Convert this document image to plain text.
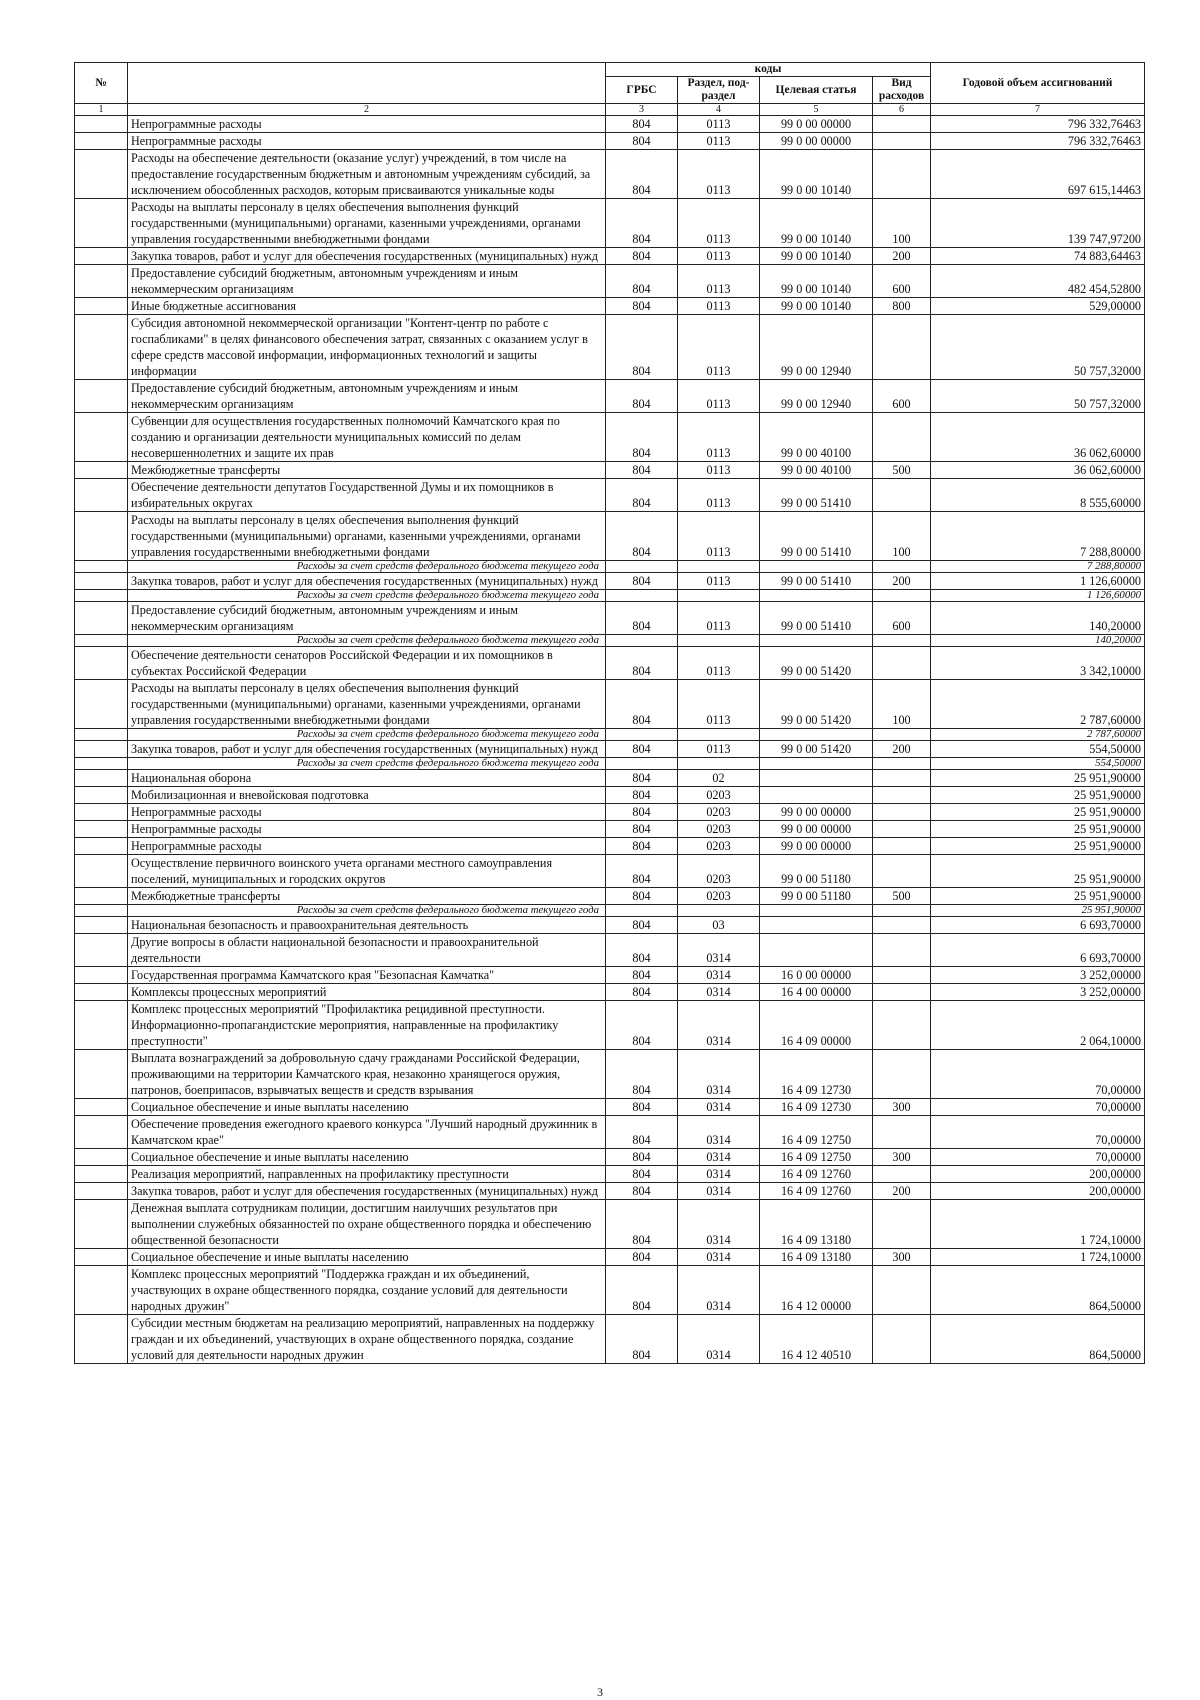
№		коды				Годовой объем ассигнований
		ГРБС	Раздел, под-раздел	Целевая статья	Вид расходов	
1	2	3	4	5	6	7
	Непрограммные расходы	804	0113	99 0 00 00000		796 332,76463
	Непрограммные расходы	804	0113	99 0 00 00000		796 332,76463
	Расходы на обеспечение деятельности (оказание услуг) учреждений, в том числе на предоставление государственным бюджетным и автономным учреждениям субсидий, за исключением обособленных расходов, которым присваиваются уникальные коды	804	0113	99 0 00 10140		697 615,14463
	Расходы на выплаты персоналу в целях обеспечения выполнения функций государственными (муниципальными) органами, казенными учреждениями, органами управления государственными внебюджетными фондами	804	0113	99 0 00 10140	100	139 747,97200
	Закупка товаров, работ и услуг для обеспечения государственных (муниципальных) нужд	804	0113	99 0 00 10140	200	74 883,64463
	Предоставление субсидий бюджетным, автономным учреждениям и иным некоммерческим организациям	804	0113	99 0 00 10140	600	482 454,52800
	Иные бюджетные ассигнования	804	0113	99 0 00 10140	800	529,00000
	Субсидия автономной некоммерческой организации "Контент-центр по работе с госпабликами" в целях финансового обеспечения затрат, связанных с оказанием услуг в сфере средств массовой информации, информационных технологий и защиты информации	804	0113	99 0 00 12940		50 757,32000
	Предоставление субсидий бюджетным, автономным учреждениям и иным некоммерческим организациям	804	0113	99 0 00 12940	600	50 757,32000
	Субвенции для осуществления государственных полномочий Камчатского края по созданию и организации деятельности муниципальных комиссий по делам несовершеннолетних и защите их прав	804	0113	99 0 00 40100		36 062,60000
	Межбюджетные трансферты	804	0113	99 0 00 40100	500	36 062,60000
	Обеспечение деятельности депутатов Государственной Думы и их помощников в избирательных округах	804	0113	99 0 00 51410		8 555,60000
	Расходы на выплаты персоналу в целях обеспечения выполнения функций государственными (муниципальными) органами, казенными учреждениями, органами управления государственными внебюджетными фондами	804	0113	99 0 00 51410	100	7 288,80000
	Расходы за счет средств федерального бюджета текущего года					7 288,80000
	Закупка товаров, работ и услуг для обеспечения государственных (муниципальных) нужд	804	0113	99 0 00 51410	200	1 126,60000
	Расходы за счет средств федерального бюджета текущего года					1 126,60000
	Предоставление субсидий бюджетным, автономным учреждениям и иным некоммерческим организациям	804	0113	99 0 00 51410	600	140,20000
	Расходы за счет средств федерального бюджета текущего года					140,20000
	Обеспечение деятельности сенаторов Российской Федерации и их помощников в субъектах Российской Федерации	804	0113	99 0 00 51420		3 342,10000
	Расходы на выплаты персоналу в целях обеспечения выполнения функций государственными (муниципальными) органами, казенными учреждениями, органами управления государственными внебюджетными фондами	804	0113	99 0 00 51420	100	2 787,60000
	Расходы за счет средств федерального бюджета текущего года					2 787,60000
	Закупка товаров, работ и услуг для обеспечения государственных (муниципальных) нужд	804	0113	99 0 00 51420	200	554,50000
	Расходы за счет средств федерального бюджета текущего года					554,50000
	Национальная оборона	804	02			25 951,90000
	Мобилизационная и вневойсковая подготовка	804	0203			25 951,90000
	Непрограммные расходы	804	0203	99 0 00 00000		25 951,90000
	Непрограммные расходы	804	0203	99 0 00 00000		25 951,90000
	Непрограммные расходы	804	0203	99 0 00 00000		25 951,90000
	Осуществление первичного воинского учета органами местного самоуправления поселений, муниципальных и городских округов	804	0203	99 0 00 51180		25 951,90000
	Межбюджетные трансферты	804	0203	99 0 00 51180	500	25 951,90000
	Расходы за счет средств федерального бюджета текущего года					25 951,90000
	Национальная безопасность и правоохранительная деятельность	804	03			6 693,70000
	Другие вопросы в области национальной безопасности и правоохранительной деятельности	804	0314			6 693,70000
	Государственная программа Камчатского края "Безопасная Камчатка"	804	0314	16 0 00 00000		3 252,00000
	Комплексы процессных мероприятий	804	0314	16 4 00 00000		3 252,00000
	Комплекс процессных мероприятий "Профилактика рецидивной преступности. Информационно-пропагандистские мероприятия, направленные на профилактику преступности"	804	0314	16 4 09 00000		2 064,10000
	Выплата вознаграждений за добровольную сдачу гражданами Российской Федерации, проживающими на территории Камчатского края, незаконно хранящегося оружия, патронов, боеприпасов, взрывчатых веществ и средств взрывания	804	0314	16 4 09 12730		70,00000
	Социальное обеспечение и иные выплаты населению	804	0314	16 4 09 12730	300	70,00000
	Обеспечение проведения ежегодного краевого конкурса "Лучший народный дружинник в Камчатском крае"	804	0314	16 4 09 12750		70,00000
	Социальное обеспечение и иные выплаты населению	804	0314	16 4 09 12750	300	70,00000
	Реализация мероприятий, направленных на профилактику преступности	804	0314	16 4 09 12760		200,00000
	Закупка товаров, работ и услуг для обеспечения государственных (муниципальных) нужд	804	0314	16 4 09 12760	200	200,00000
	Денежная выплата сотрудникам полиции, достигшим наилучших результатов при выполнении служебных обязанностей по охране общественного порядка и обеспечению общественной безопасности	804	0314	16 4 09 13180		1 724,10000
	Социальное обеспечение и иные выплаты населению	804	0314	16 4 09 13180	300	1 724,10000
	Комплекс процессных мероприятий "Поддержка граждан и их объединений, участвующих в охране общественного порядка, создание условий для деятельности народных дружин"	804	0314	16 4 12 00000		864,50000
	Субсидии местным бюджетам на реализацию мероприятий, направленных на поддержку граждан и их объединений, участвующих в охране общественного порядка, создание условий для деятельности народных дружин	804	0314	16 4 12 40510		864,50000
3
